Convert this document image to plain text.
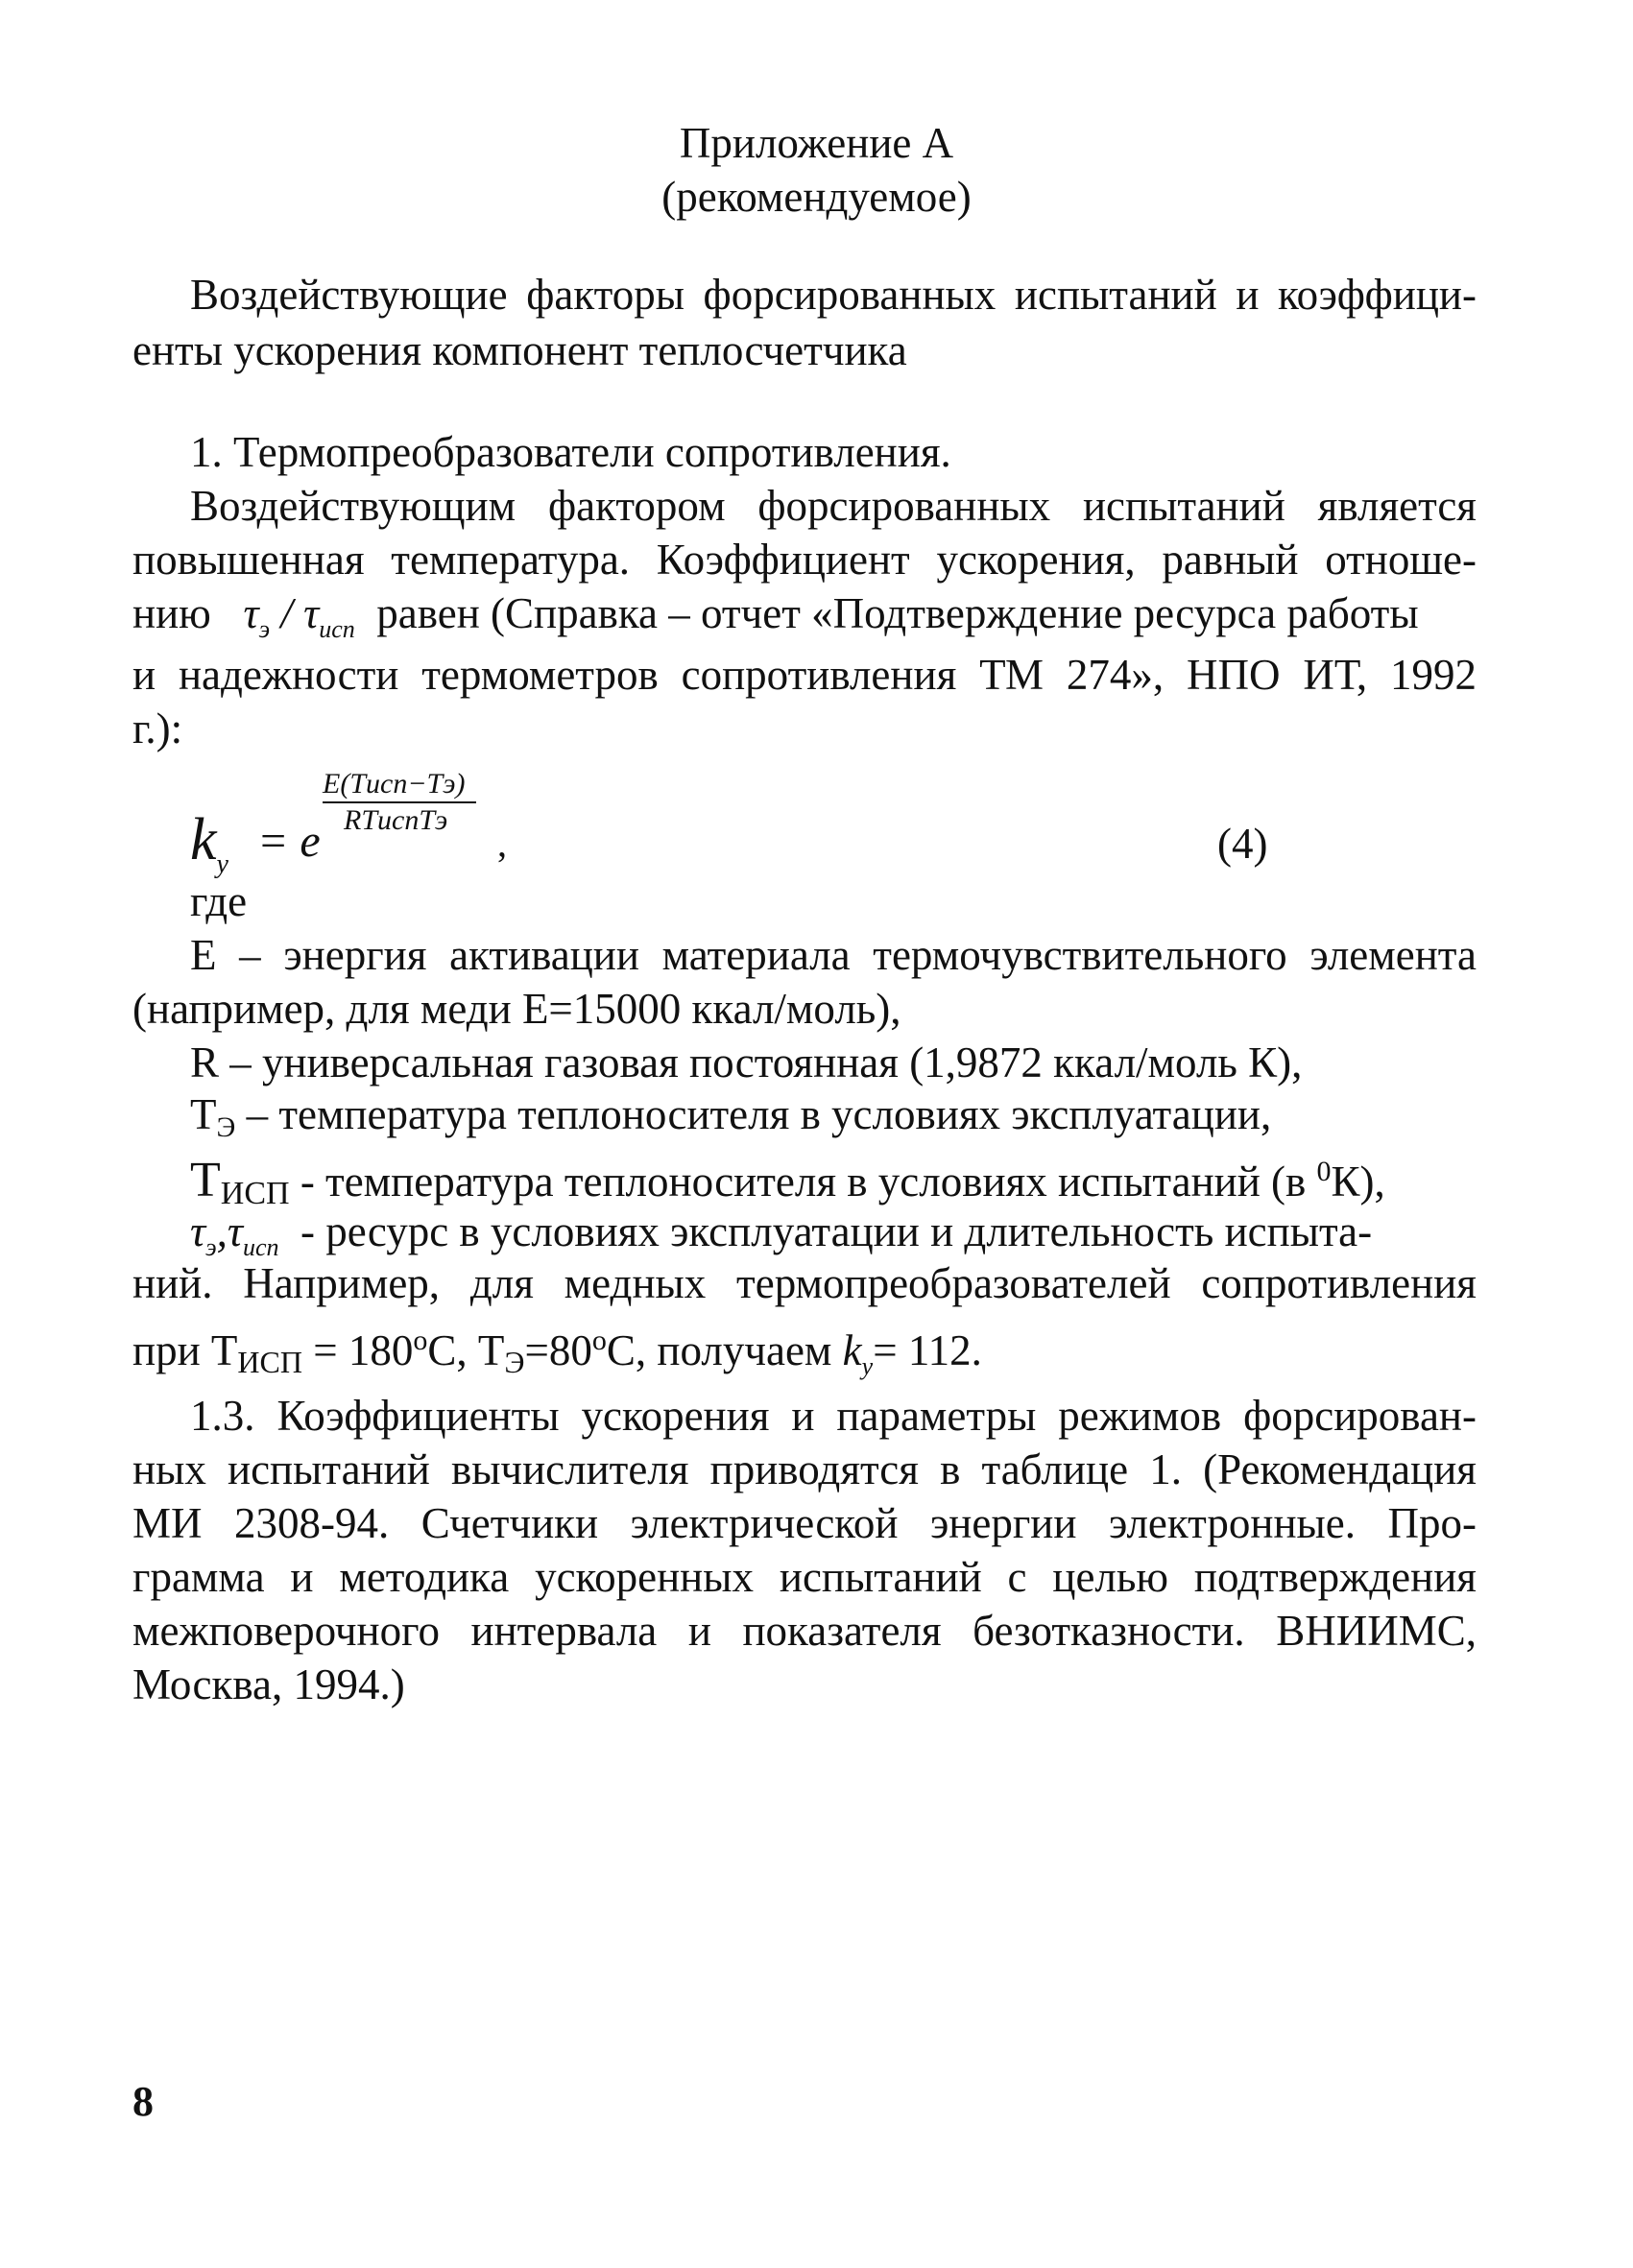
Приложение А
(рекомендуемое)
Воздействующие факторы форсированных испытаний и коэффици-
енты ускорения компонент теплосчетчика
1. Термопреобразователи сопротивления.
Воздействующим фактором форсированных испытаний является
повышенная температура. Коэффициент ускорения, равный отноше-
нию $\tau_э / \tau_{исп}$ равен (Справка – отчет «Подтверждение ресурса работы
и надежности термометров сопротивления ТМ 274», НПО ИТ, 1992
г.):
$k_y = e$
E(Tисп−Tэ)
RTиспTэ
,	(4)
где
Е – энергия активации материала термочувствительного элемента
(например, для меди Е=15000 ккал/моль),
R – универсальная газовая постоянная (1,9872 ккал/моль К),
ТЭ – температура теплоносителя в условиях эксплуатации,
ТИСП - температура теплоносителя в условиях испытаний (в $^0$К),
$\tau_э,\tau_{исп}$  - ресурс в условиях эксплуатации и длительность испыта-
ний. Например, для медных термопреобразователей сопротивления
при ТИСП = $180^оС$, $ТЭ=80^оС$, получаем $k_y= 112$.
1.3. Коэффициенты ускорения и параметры режимов форсирован-
ных испытаний вычислителя приводятся в таблице 1. (Рекомендация
МИ 2308-94. Счетчики электрической энергии электронные. Про-
грамма и методика ускоренных испытаний с целью подтверждения
межповерочного интервала и показателя безотказности. ВНИИМС,
Москва, 1994.)
8
